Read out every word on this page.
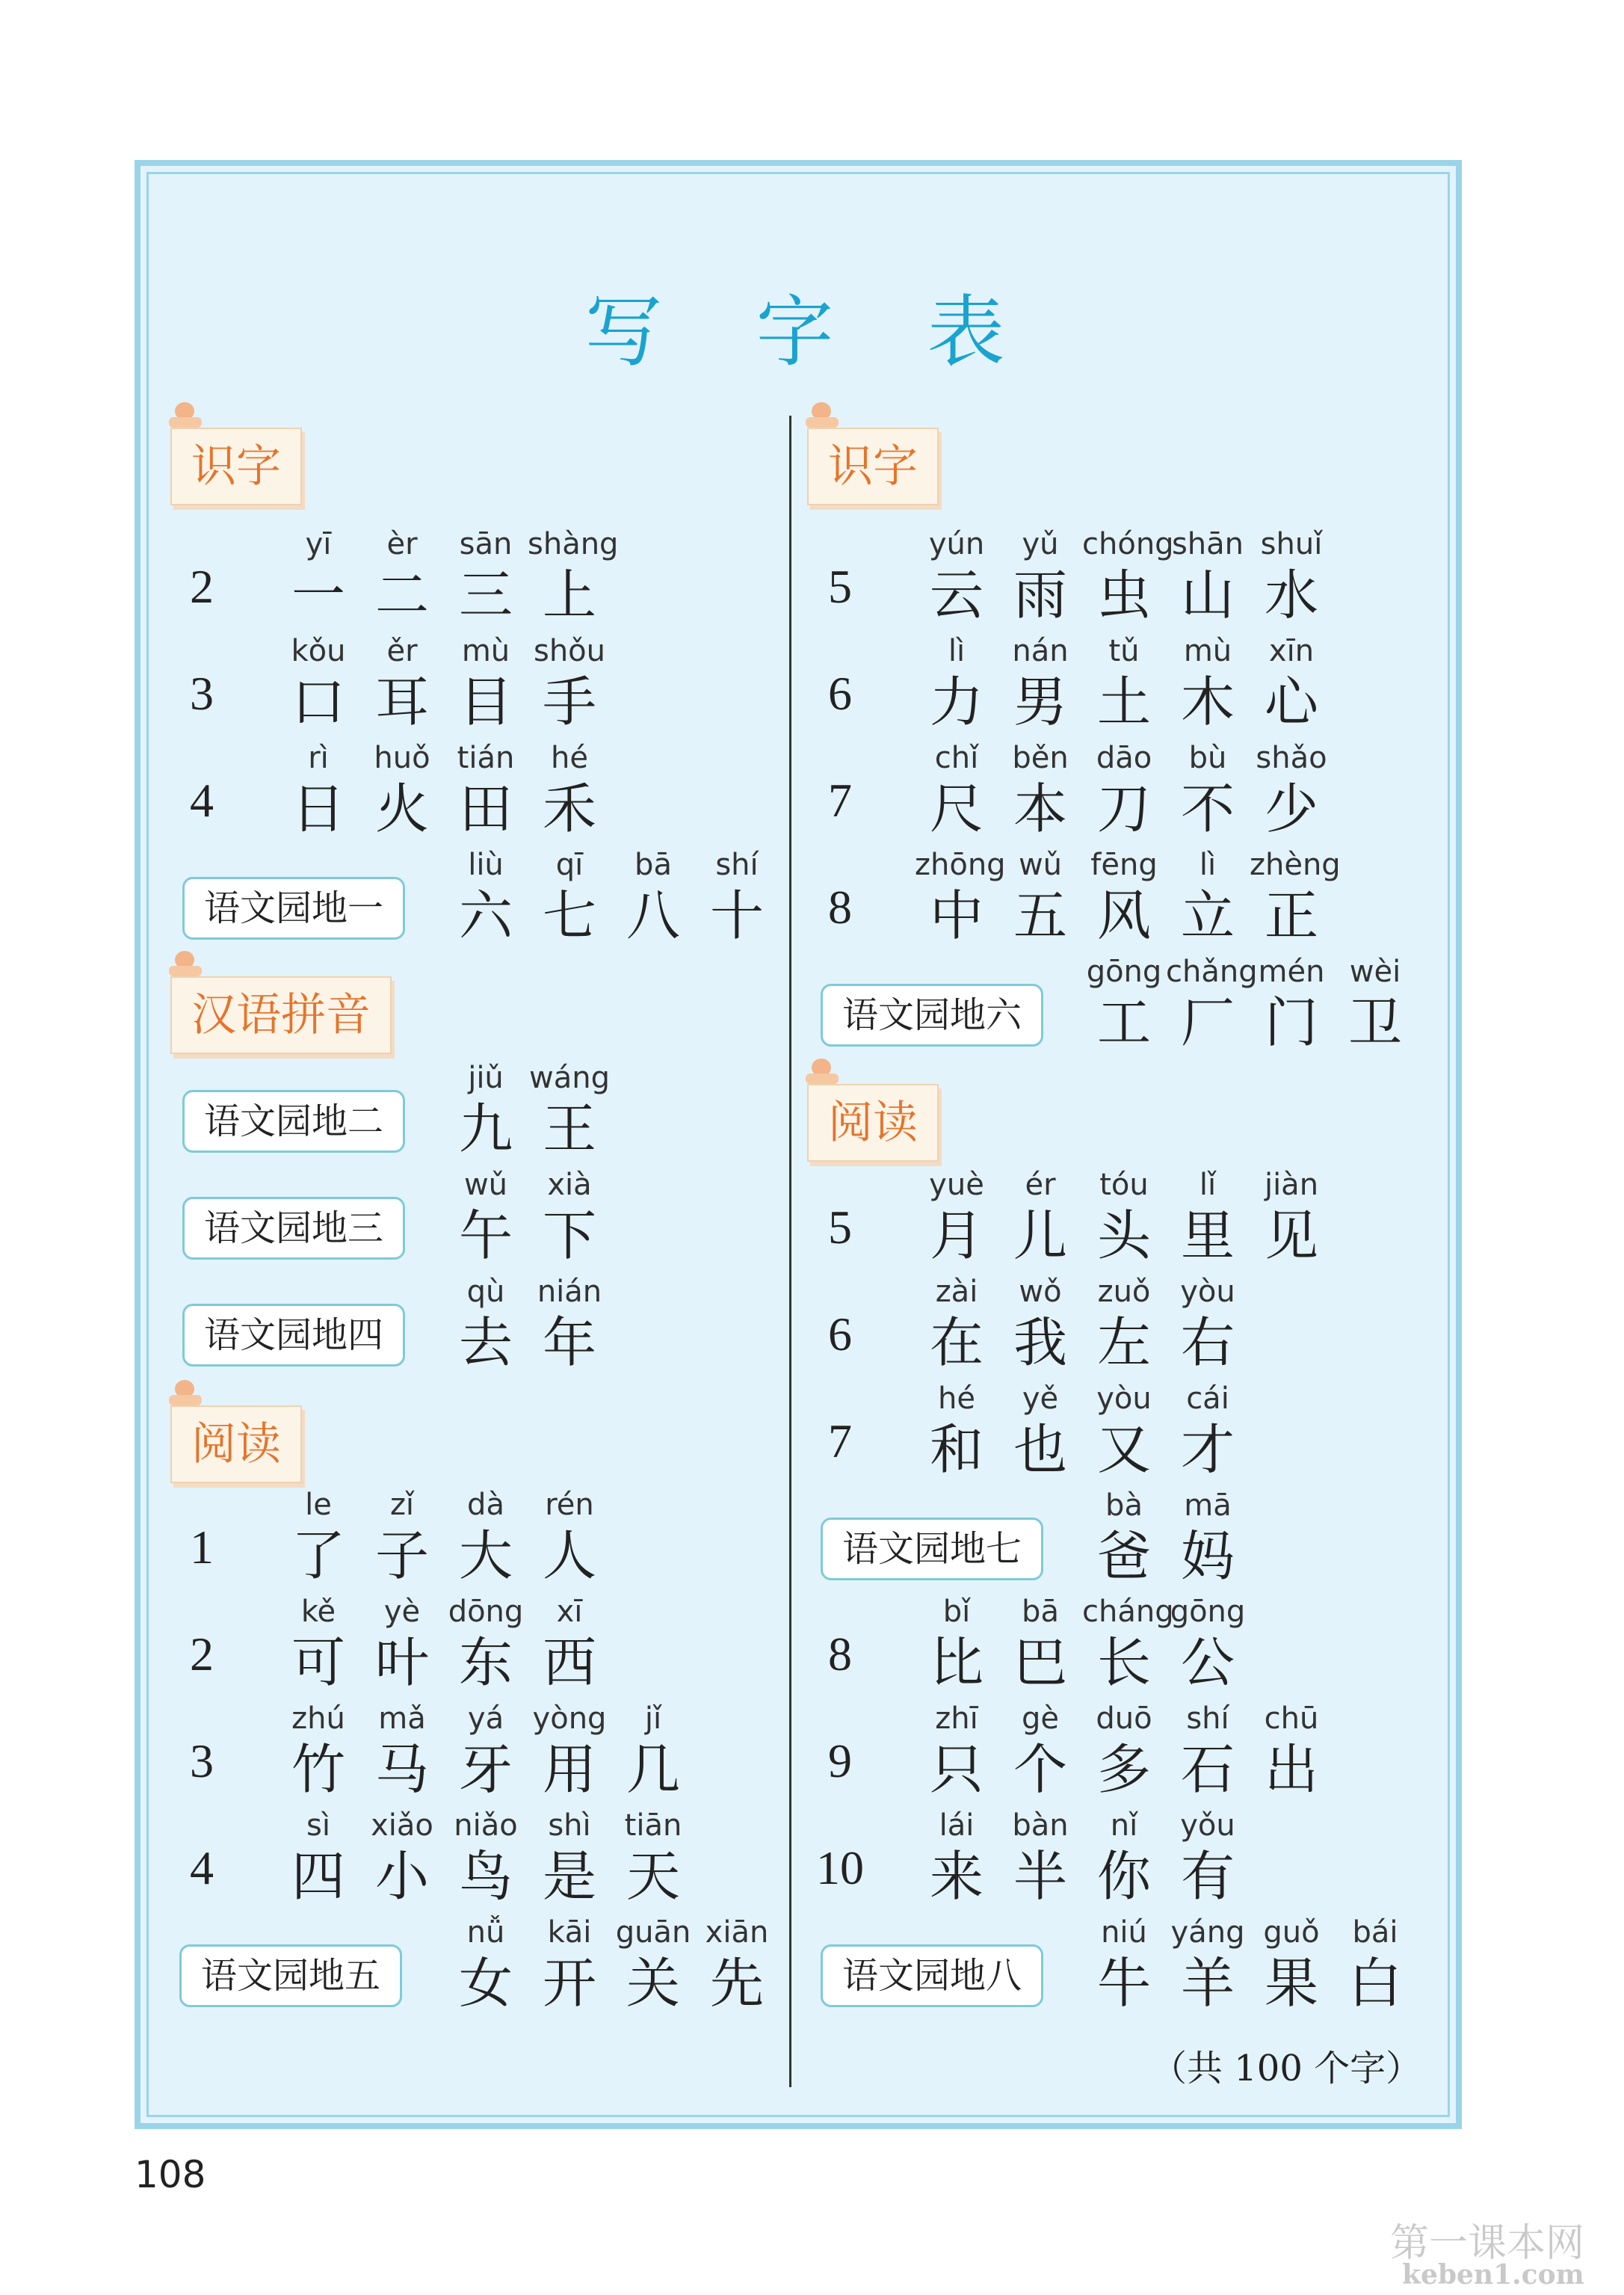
写 字 表
识字
2
yī
一
èr
二
sān
三
shàng
上
3
kǒu
口
ěr
耳
mù
目
shǒu
手
4
rì
日
huǒ
火
tián
田
hé
禾
语文园地一
liù
六
qī
七
bā
八
shí
十
汉语拼音
语文园地二
jiǔ
九
wáng
王
语文园地三
wǔ
午
xià
下
语文园地四
qù
去
nián
年
阅读
1
le
了
zǐ
子
dà
大
rén
人
2
kě
可
yè
叶
dōng
东
xī
西
3
zhú
竹
mǎ
马
yá
牙
yòng
用
jǐ
几
4
sì
四
xiǎo
小
niǎo
鸟
shì
是
tiān
天
语文园地五
nǚ
女
kāi
开
guān
关
xiān
先
识字
5
yún
云
yǔ
雨
chóng
虫
shān
山
shuǐ
水
6
lì
力
nán
男
tǔ
土
mù
木
xīn
心
7
chǐ
尺
běn
本
dāo
刀
bù
不
shǎo
少
8
zhōng
中
wǔ
五
fēng
风
lì
立
zhèng
正
语文园地六
gōng
工
chǎng
厂
mén
门
wèi
卫
阅读
5
yuè
月
ér
儿
tóu
头
lǐ
里
jiàn
见
6
zài
在
wǒ
我
zuǒ
左
yòu
右
7
hé
和
yě
也
yòu
又
cái
才
语文园地七
bà
爸
mā
妈
8
bǐ
比
bā
巴
cháng
长
gōng
公
9
zhī
只
gè
个
duō
多
shí
石
chū
出
10
lái
来
bàn
半
nǐ
你
yǒu
有
语文园地八
niú
牛
yáng
羊
guǒ
果
bái
白
（共 100 个字）
108
第一课本网
keben1.com
